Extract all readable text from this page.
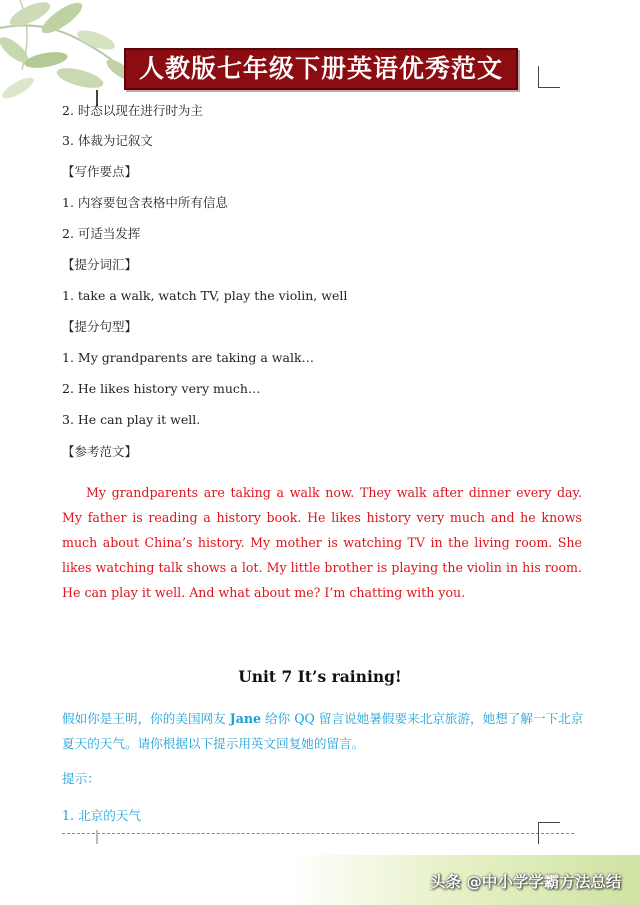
人教版七年级下册英语优秀范文
2. 时态以现在进行时为主
3. 体裁为记叙文
【写作要点】
1. 内容要包含表格中所有信息
2. 可适当发挥
【提分词汇】
1. take a walk, watch TV, play the violin, well
【提分句型】
1. My grandparents are taking a walk…
2. He likes history very much…
3. He can play it well.
【参考范文】
My grandparents are taking a walk now. They walk after dinner every day. My father is reading a history book. He likes history very much and he knows much about China’s history. My mother is watching TV in the living room. She likes watching talk shows a lot. My little brother is playing the violin in his room. He can play it well. And what about me? I’m chatting with you.
Unit 7 It’s raining!
假如你是王明，你的美国网友 Jane 给你 QQ 留言说她暑假要来北京旅游，她想了解一下北京夏天的天气。请你根据以下提示用英文回复她的留言。
提示：
1. 北京的天气
头条 @中小学学霸方法总结
